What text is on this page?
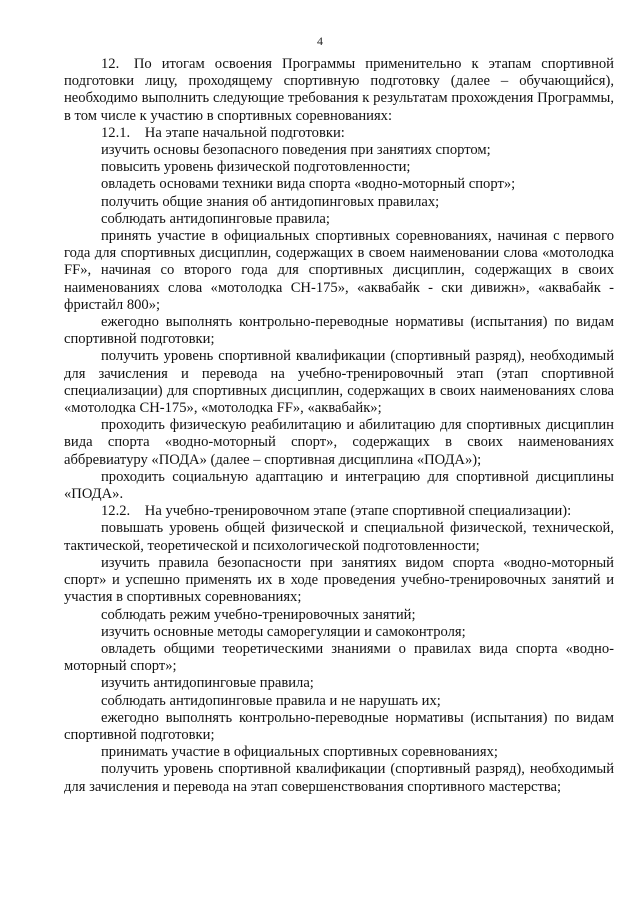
4

12. По итогам освоения Программы применительно к этапам спортивной подготовки лицу, проходящему спортивную подготовку (далее – обучающийся), необходимо выполнить следующие требования к результатам прохождения Программы, в том числе к участию в спортивных соревнованиях:

12.1. На этапе начальной подготовки:

изучить основы безопасного поведения при занятиях спортом;

повысить уровень физической подготовленности;

овладеть основами техники вида спорта «водно-моторный спорт»;

получить общие знания об антидопинговых правилах;

соблюдать антидопинговые правила;

принять участие в официальных спортивных соревнованиях, начиная с первого года для спортивных дисциплин, содержащих в своем наименовании слова «мотолодка FF», начиная со второго года для спортивных дисциплин, содержащих в своих наименованиях слова «мотолодка СН-175», «аквабайк - ски дивижн», «аквабайк - фристайл 800»;

ежегодно выполнять контрольно-переводные нормативы (испытания) по видам спортивной подготовки;

получить уровень спортивной квалификации (спортивный разряд), необходимый для зачисления и перевода на учебно-тренировочный этап (этап спортивной специализации) для спортивных дисциплин, содержащих в своих наименованиях слова «мотолодка СН-175», «мотолодка FF», «аквабайк»;

проходить физическую реабилитацию и абилитацию для спортивных дисциплин вида спорта «водно-моторный спорт», содержащих в своих наименованиях аббревиатуру «ПОДА» (далее – спортивная дисциплина «ПОДА»);

проходить социальную адаптацию и интеграцию для спортивной дисциплины «ПОДА».

12.2. На учебно-тренировочном этапе (этапе спортивной специализации):

повышать уровень общей физической и специальной физической, технической, тактической, теоретической и психологической подготовленности;

изучить правила безопасности при занятиях видом спорта «водно-моторный спорт» и успешно применять их в ходе проведения учебно-тренировочных занятий и участия в спортивных соревнованиях;

соблюдать режим учебно-тренировочных занятий;

изучить основные методы саморегуляции и самоконтроля;

овладеть общими теоретическими знаниями о правилах вида спорта «водно-моторный спорт»;

изучить антидопинговые правила;

соблюдать антидопинговые правила и не нарушать их;

ежегодно выполнять контрольно-переводные нормативы (испытания) по видам спортивной подготовки;

принимать участие в официальных спортивных соревнованиях;

получить уровень спортивной квалификации (спортивный разряд), необходимый для зачисления и перевода на этап совершенствования спортивного мастерства;
